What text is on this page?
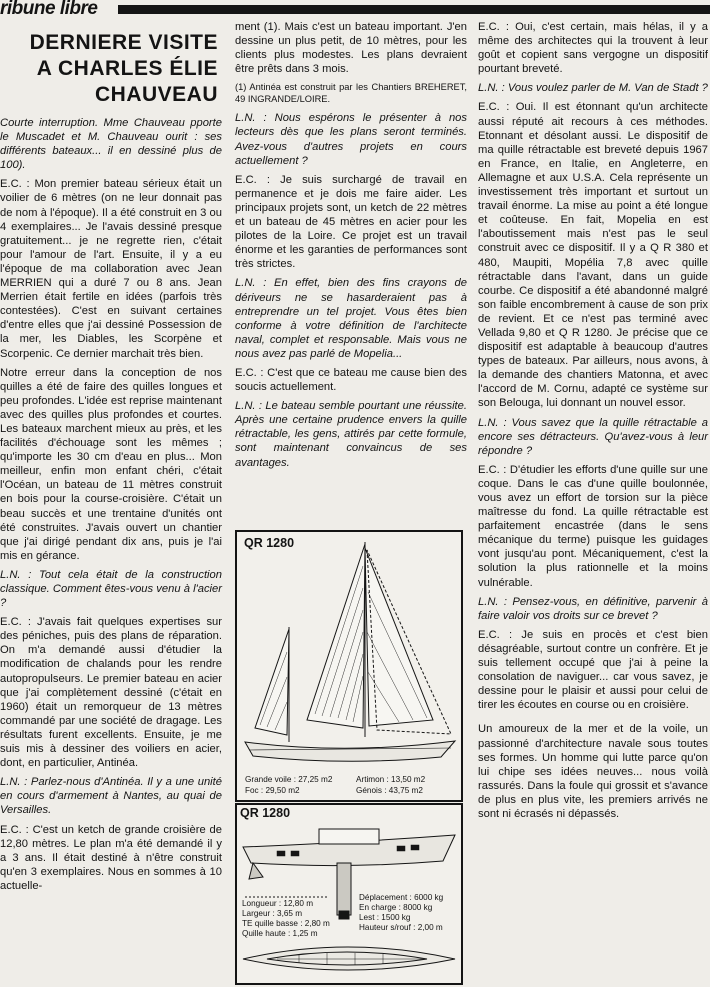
ribune libre
DERNIERE VISITE
A CHARLES ÉLIE
CHAUVEAU

Courte interruption. Mme Chauveau pporte le Muscadet et M. Chauveau ourit : ses différents bateaux... il en dessiné plus de 100).

E.C. : Mon premier bateau sérieux était un voilier de 6 mètres (on ne leur donnait pas de nom à l'époque). Il a été construit en 3 ou 4 exemplaires... Je l'avais dessiné presque gratuitement... je ne regrette rien, c'était pour l'amour de l'art. Ensuite, il y a eu l'époque de ma collaboration avec Jean MERRIEN qui a duré 7 ou 8 ans. Jean Merrien était fertile en idées (parfois très contestées). C'est en suivant certaines d'entre elles que j'ai dessiné Possession de la mer, les Diables, les Scorpène et Scorpenic. Ce dernier marchait très bien.

Notre erreur dans la conception de nos quilles a été de faire des quilles longues et peu profondes. L'idée est reprise maintenant avec des quilles plus profondes et courtes. Les bateaux marchent mieux au près, et les facilités d'échouage sont les mêmes ; qu'importe les 30 cm d'eau en plus... Mon meilleur, enfin mon enfant chéri, c'était l'Océan, un bateau de 11 mètres construit en bois pour la course-croisière. C'était un beau succès et une trentaine d'unités ont été construites. J'avais ouvert un chantier que j'ai dirigé pendant dix ans, puis je l'ai mis en gérance.

L.N. : Tout cela était de la construction classique. Comment êtes-vous venu à l'acier ?

E.C. : J'avais fait quelques expertises sur des péniches, puis des plans de réparation. On m'a demandé aussi d'étudier la modification de chalands pour les rendre autopropulseurs. Le premier bateau en acier que j'ai complètement dessiné (c'était en 1960) était un remorqueur de 13 mètres commandé par une société de dragage. Les résultats furent excellents. Ensuite, je me suis mis à dessiner des voiliers en acier, dont, en particulier, Antinéa.

L.N. : Parlez-nous d'Antinéa. Il y a une unité en cours d'armement à Nantes, au quai de Versailles.

E.C. : C'est un ketch de grande croisière de 12,80 mètres. Le plan m'a été demandé il y a 3 ans. Il était destiné à n'être construit qu'en 3 exemplaires. Nous en sommes à 10 actuelle-

ment (1). Mais c'est un bateau important. J'en dessine un plus petit, de 10 mètres, pour les clients plus modestes. Les plans devraient être prêts dans 3 mois.

(1) Antinéa est construit par les Chantiers BREHERET, 49 INGRANDE/LOIRE.

L.N. : Nous espérons le présenter à nos lecteurs dès que les plans seront terminés. Avez-vous d'autres projets en cours actuellement ?

E.C. : Je suis surchargé de travail en permanence et je dois me faire aider. Les principaux projets sont, un ketch de 22 mètres et un bateau de 45 mètres en acier pour les pilotes de la Loire. Ce projet est un travail énorme et les garanties de performances sont très strictes.

L.N. : En effet, bien des fins crayons de dériveurs ne se hasarderaient pas à entreprendre un tel projet. Vous êtes bien conforme à votre définition de l'architecte naval, complet et responsable. Mais vous ne nous avez pas parlé de Mopelia...

E.C. : C'est que ce bateau me cause bien des soucis actuellement.

L.N. : Le bateau semble pourtant une réussite. Après une certaine prudence envers la quille rétractable, les gens, attirés par cette formule, sont maintenant convaincus de ses avantages.

QR 1280
Grande voile : 27,25 m2
Foc : 29,50 m2
Artimon : 13,50 m2
Génois : 43,75 m2
QR 1280
Longueur : 12,80 m
Largeur : 3,65 m
TE quille basse : 2,80 m
Quille haute : 1,25 m
Déplacement : 6000 kg
En charge : 8000 kg
Lest : 1500 kg
Hauteur s/rouf : 2,00 m

E.C. : Oui, c'est certain, mais hélas, il y a même des architectes qui la trouvent à leur goût et copient sans vergogne un dispositif pourtant breveté.

L.N. : Vous voulez parler de M. Van de Stadt ?

E.C. : Oui. Il est étonnant qu'un architecte aussi réputé ait recours à ces méthodes. Etonnant et désolant aussi. Le dispositif de ma quille rétractable est breveté depuis 1967 en France, en Italie, en Angleterre, en Allemagne et aux U.S.A. Cela représente un investissement très important et surtout un travail énorme. La mise au point a été longue et coûteuse. En fait, Mopelia en est l'aboutissement mais n'est pas le seul construit avec ce dispositif. Il y a Q R 380 et 480, Maupiti, Mopélia 7,8 avec quille rétractable dans l'avant, dans un guide courbe. Ce dispositif a été abandonné malgré son faible encombrement à cause de son prix de revient. Et ce n'est pas terminé avec Vellada 9,80 et Q R 1280. Je précise que ce dispositif est adaptable à beaucoup d'autres types de bateaux. Par ailleurs, nous avons, à la demande des chantiers Matonna, et avec l'accord de M. Cornu, adapté ce système sur son Belouga, lui donnant un nouvel essor.

L.N. : Vous savez que la quille rétractable a encore ses détracteurs. Qu'avez-vous à leur répondre ?

E.C. : D'étudier les efforts d'une quille sur une coque. Dans le cas d'une quille boulonnée, vous avez un effort de torsion sur la pièce maîtresse du fond. La quille rétractable est parfaitement encastrée (dans le sens mécanique du terme) puisque les guidages vont jusqu'au pont. Mécaniquement, c'est la solution la plus rationnelle et la moins vulnérable.

L.N. : Pensez-vous, en définitive, parvenir à faire valoir vos droits sur ce brevet ?

E.C. : Je suis en procès et c'est bien désagréable, surtout contre un confrère. Et je suis tellement occupé que j'ai à peine la consolation de naviguer... car vous savez, je dessine pour le plaisir et aussi pour celui de tirer les écoutes en course ou en croisière.

Un amoureux de la mer et de la voile, un passionné d'architecture navale sous toutes ses formes. Un homme qui lutte parce qu'on lui chipe ses idées neuves... nous voilà rassurés. Dans la foule qui grossit et s'avance de plus en plus vite, les premiers arrivés ne sont ni écrasés ni dépassés.
